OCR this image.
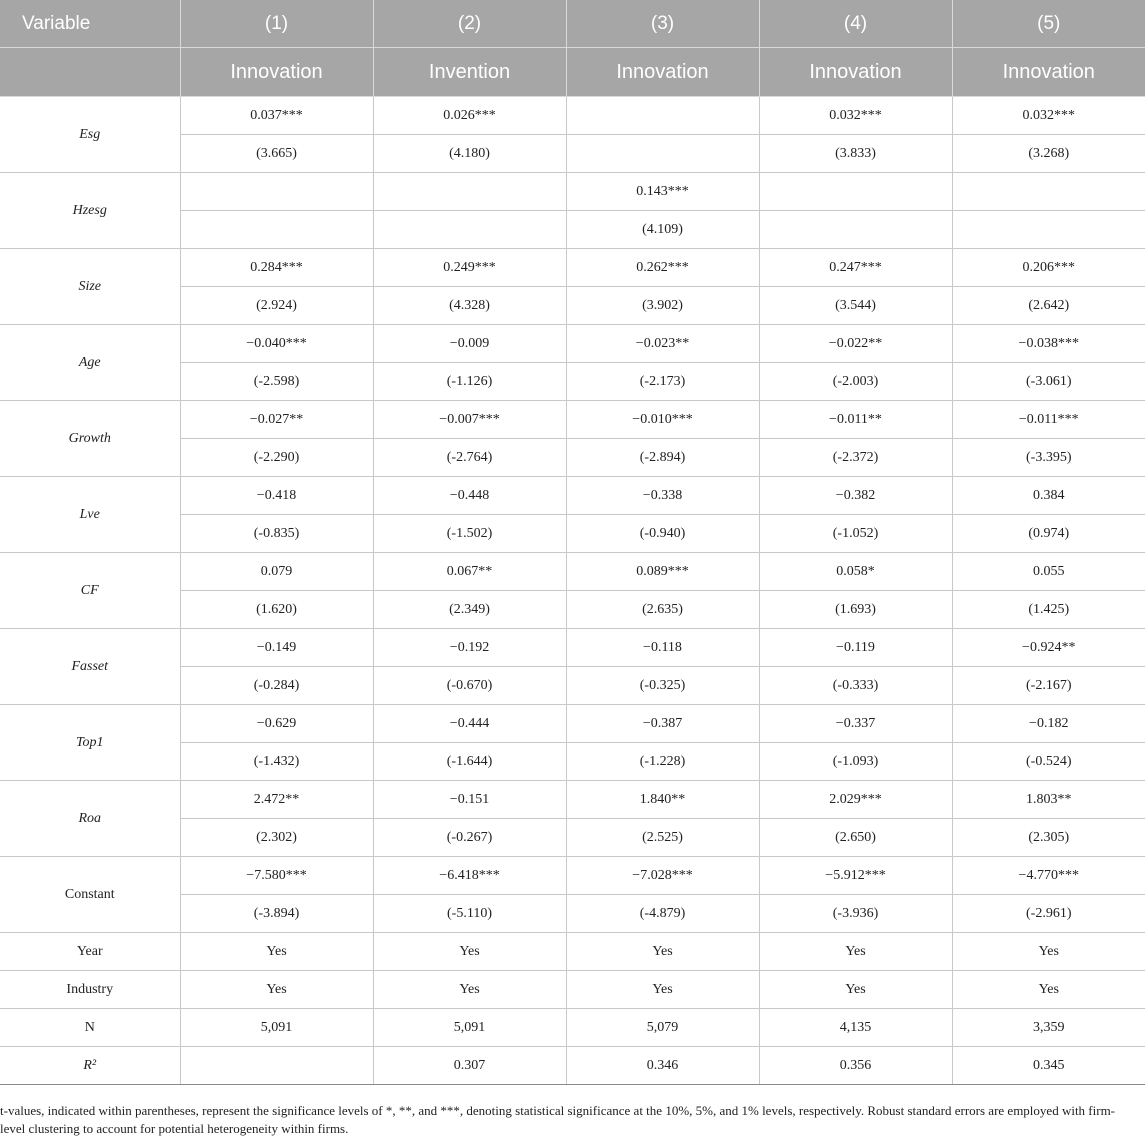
Variable	(1)	(2)	(3)	(4)	(5)
	Innovation	Invention	Innovation	Innovation	Innovation
Esg	0.037***	0.026***		0.032***	0.032***
	(3.665)	(4.180)		(3.833)	(3.268)
Hzesg			0.143***		
			(4.109)		
Size	0.284***	0.249***	0.262***	0.247***	0.206***
	(2.924)	(4.328)	(3.902)	(3.544)	(2.642)
Age	−0.040***	−0.009	−0.023**	−0.022**	−0.038***
	(-2.598)	(-1.126)	(-2.173)	(-2.003)	(-3.061)
Growth	−0.027**	−0.007***	−0.010***	−0.011**	−0.011***
	(-2.290)	(-2.764)	(-2.894)	(-2.372)	(-3.395)
Lve	−0.418	−0.448	−0.338	−0.382	0.384
	(-0.835)	(-1.502)	(-0.940)	(-1.052)	(0.974)
CF	0.079	0.067**	0.089***	0.058*	0.055
	(1.620)	(2.349)	(2.635)	(1.693)	(1.425)
Fasset	−0.149	−0.192	−0.118	−0.119	−0.924**
	(-0.284)	(-0.670)	(-0.325)	(-0.333)	(-2.167)
Top1	−0.629	−0.444	−0.387	−0.337	−0.182
	(-1.432)	(-1.644)	(-1.228)	(-1.093)	(-0.524)
Roa	2.472**	−0.151	1.840**	2.029***	1.803**
	(2.302)	(-0.267)	(2.525)	(2.650)	(2.305)
Constant	−7.580***	−6.418***	−7.028***	−5.912***	−4.770***
	(-3.894)	(-5.110)	(-4.879)	(-3.936)	(-2.961)
Year	Yes	Yes	Yes	Yes	Yes
Industry	Yes	Yes	Yes	Yes	Yes
N	5,091	5,091	5,079	4,135	3,359
R²		0.307	0.346	0.356	0.345
t-values, indicated within parentheses, represent the significance levels of *, **, and ***, denoting statistical significance at the 10%, 5%, and 1% levels, respectively. Robust standard errors are employed with firm-level clustering to account for potential heterogeneity within firms.
